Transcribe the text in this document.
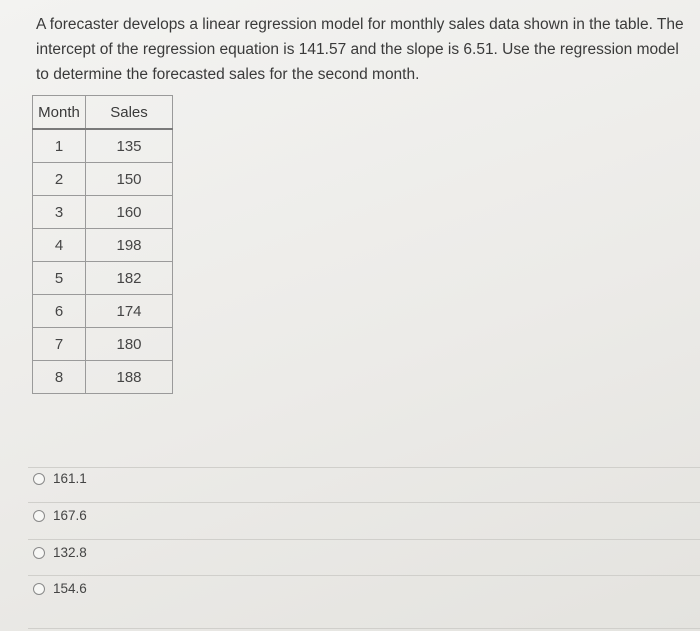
A forecaster develops a linear regression model for monthly sales data shown in the table. The intercept of the regression equation is 141.57 and the slope is 6.51. Use the regression model to determine the forecasted sales for the second month.

Month	Sales
1	135
2	150
3	160
4	198
5	182
6	174
7	180
8	188
161.1
167.6
132.8
154.6
